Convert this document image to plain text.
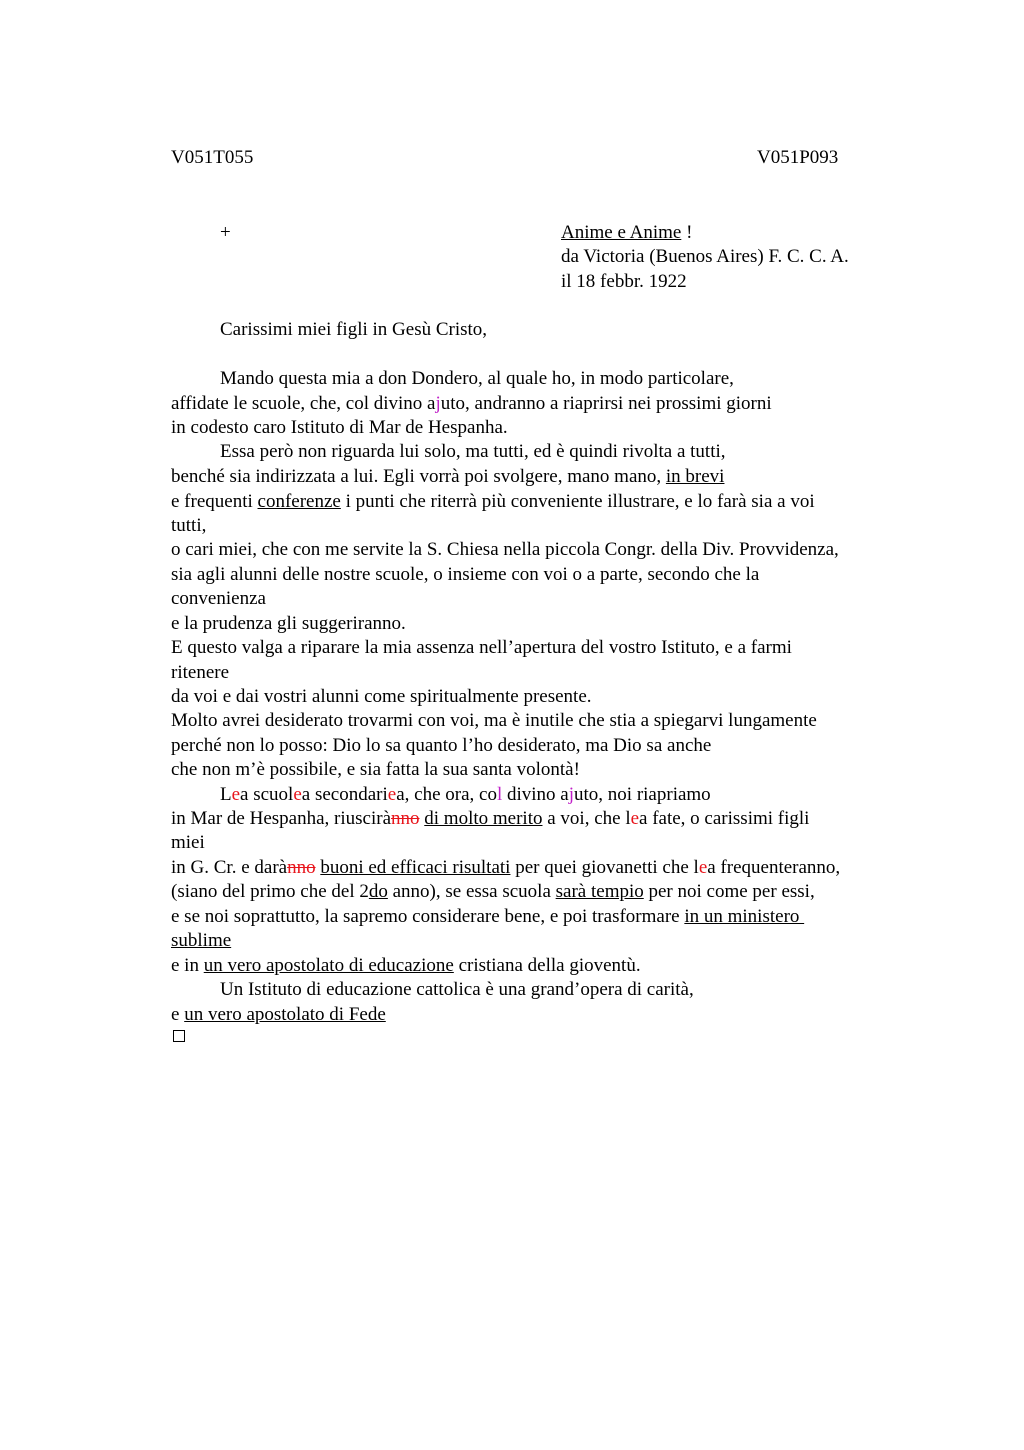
V051T055	V051P093
+	Anime e Anime !
da Victoria (Buenos Aires) F. C. C. A.
il 18 febbr. 1922
Carissimi miei figli in Gesù Cristo,
Mando questa mia a don Dondero, al quale ho, in modo particolare,
affidate le scuole, che, col divino ajuto, andranno a riaprirsi nei prossimi giorni
in codesto caro Istituto di Mar de Hespanha.
Essa però non riguarda lui solo, ma tutti, ed è quindi rivolta a tutti,
benché sia indirizzata a lui. Egli vorrà poi svolgere, mano mano, in brevi
e frequenti conferenze i punti che riterrà più conveniente illustrare, e lo farà sia a voi
tutti,
o cari miei, che con me servite la S. Chiesa nella piccola Congr. della Div. Provvidenza,
sia agli alunni delle nostre scuole, o insieme con voi o a parte, secondo che la
convenienza
e la prudenza gli suggeriranno.
E questo valga a riparare la mia assenza nell’apertura del vostro Istituto, e a farmi
ritenere
da voi e dai vostri alunni come spiritualmente presente.
Molto avrei desiderato trovarmi con voi, ma è inutile che stia a spiegarvi lungamente
perché non lo posso: Dio lo sa quanto l’ho desiderato, ma Dio sa anche
che non m’è possibile, e sia fatta la sua santa volontà!
Lea scuolea secondariea, che ora, col divino ajuto, noi riapriamo
in Mar de Hespanha, riuscirànno di molto merito a voi, che lea fate, o carissimi figli
miei
in G. Cr. e darànno buoni ed efficaci risultati per quei giovanetti che lea frequenteranno,
(siano del primo che del 2do anno), se essa scuola sarà tempio per noi come per essi,
e se noi soprattutto, la sapremo considerare bene, e poi trasformare in un ministero
sublime
e in un vero apostolato di educazione cristiana della gioventù.
Un Istituto di educazione cattolica è una grand’opera di carità,
e un vero apostolato di Fede
